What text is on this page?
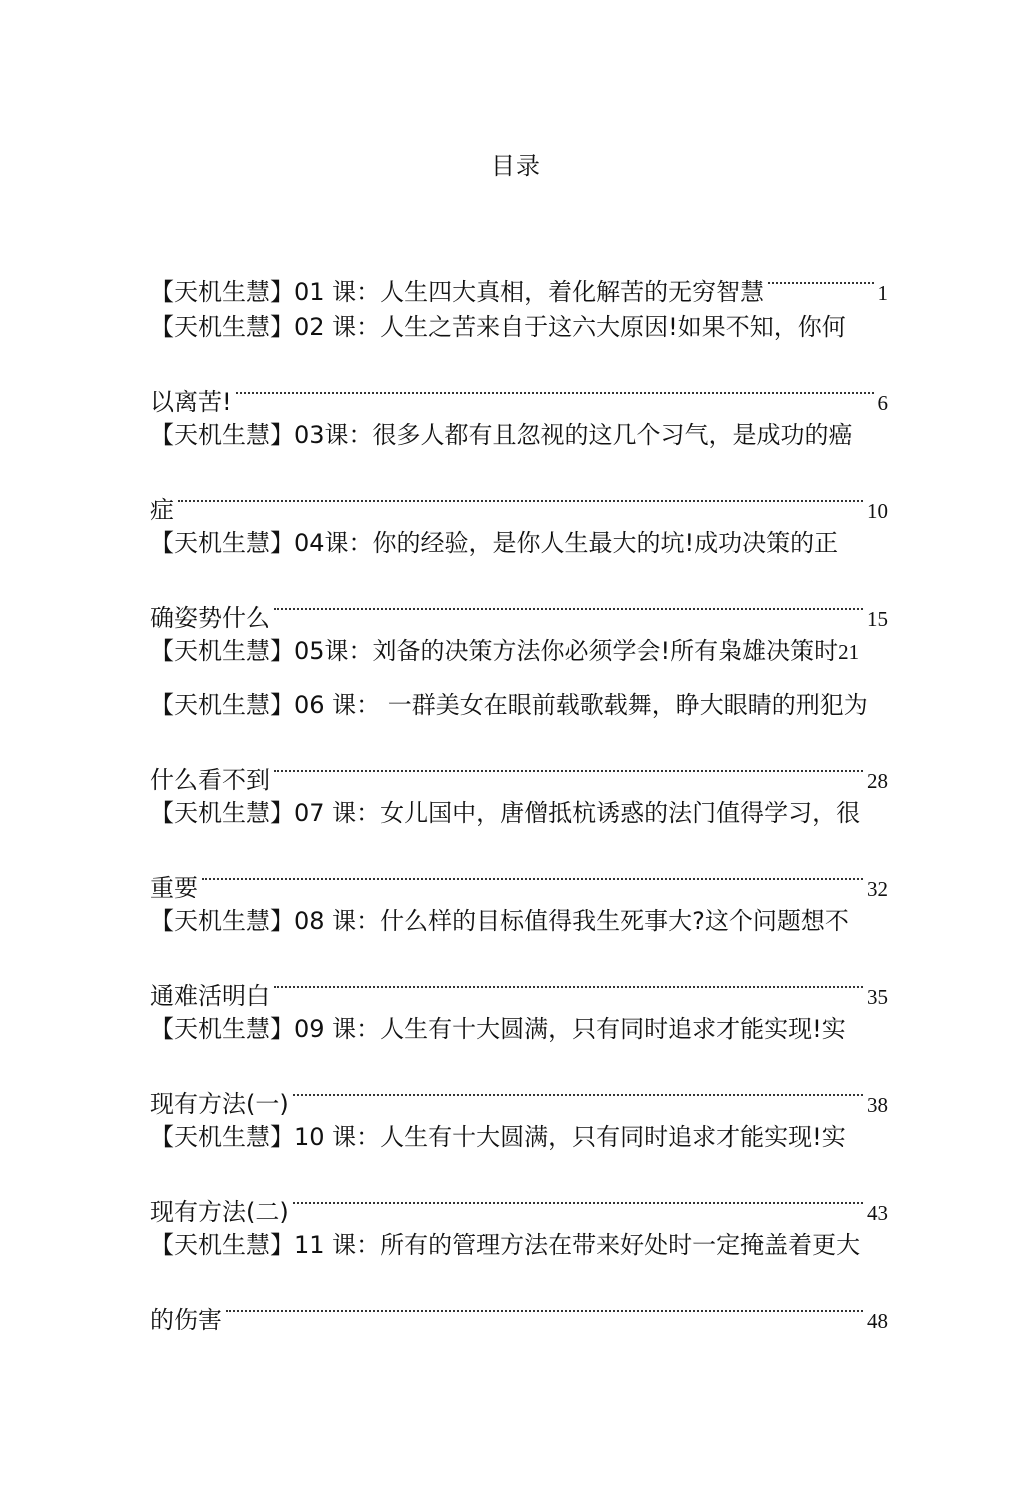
目录
【天机生慧】01 课：人生四大真相，着化解苦的无穷智慧	1
【天机生慧】02 课：人生之苦来自于这六大原因!如果不知，你何
以离苦!	6
【天机生慧】03课：很多人都有且忽视的这几个习气，是成功的癌
症	10
【天机生慧】04课：你的经验，是你人生最大的坑!成功决策的正
确姿势什么	15
【天机生慧】05课：刘备的决策方法你必须学会!所有枭雄决策时 21
【天机生慧】06 课： 一群美女在眼前载歌载舞，睁大眼睛的刑犯为
什么看不到	28
【天机生慧】07 课：女儿国中，唐僧抵杭诱惑的法门值得学习，很
重要	32
【天机生慧】08 课：什么样的目标值得我生死事大?这个问题想不
通难活明白	35
【天机生慧】09 课：人生有十大圆满，只有同时追求才能实现!实
现有方法(一)	38
【天机生慧】10 课：人生有十大圆满，只有同时追求才能实现!实
现有方法(二)	43
【天机生慧】11 课：所有的管理方法在带来好处时一定掩盖着更大
的伤害	48
